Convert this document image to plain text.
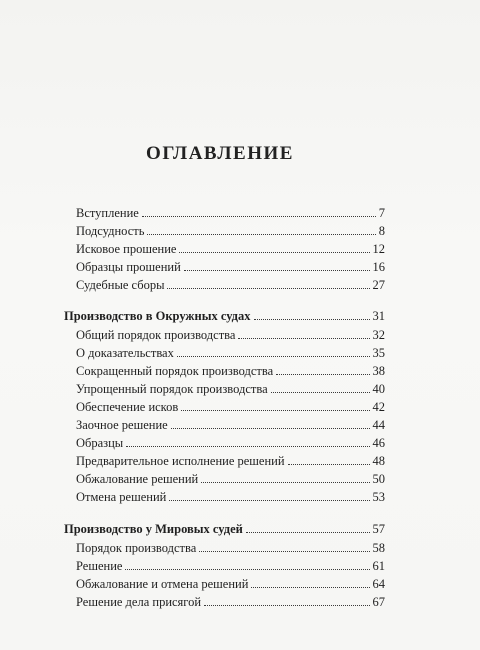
ОГЛАВЛЕНИЕ
Вступление	7
Подсудность	8
Исковое прошение	12
Образцы прошений	16
Судебные сборы	27
Производство в Окружных судах	31
Общий порядок производства	32
О доказательствах	35
Сокращенный порядок производства	38
Упрощенный порядок производства	40
Обеспечение исков	42
Заочное решение	44
Образцы	46
Предварительное исполнение решений	48
Обжалование решений	50
Отмена решений	53
Производство у Мировых судей	57
Порядок производства	58
Решение	61
Обжалование и отмена решений	64
Решение дела присягой	67
